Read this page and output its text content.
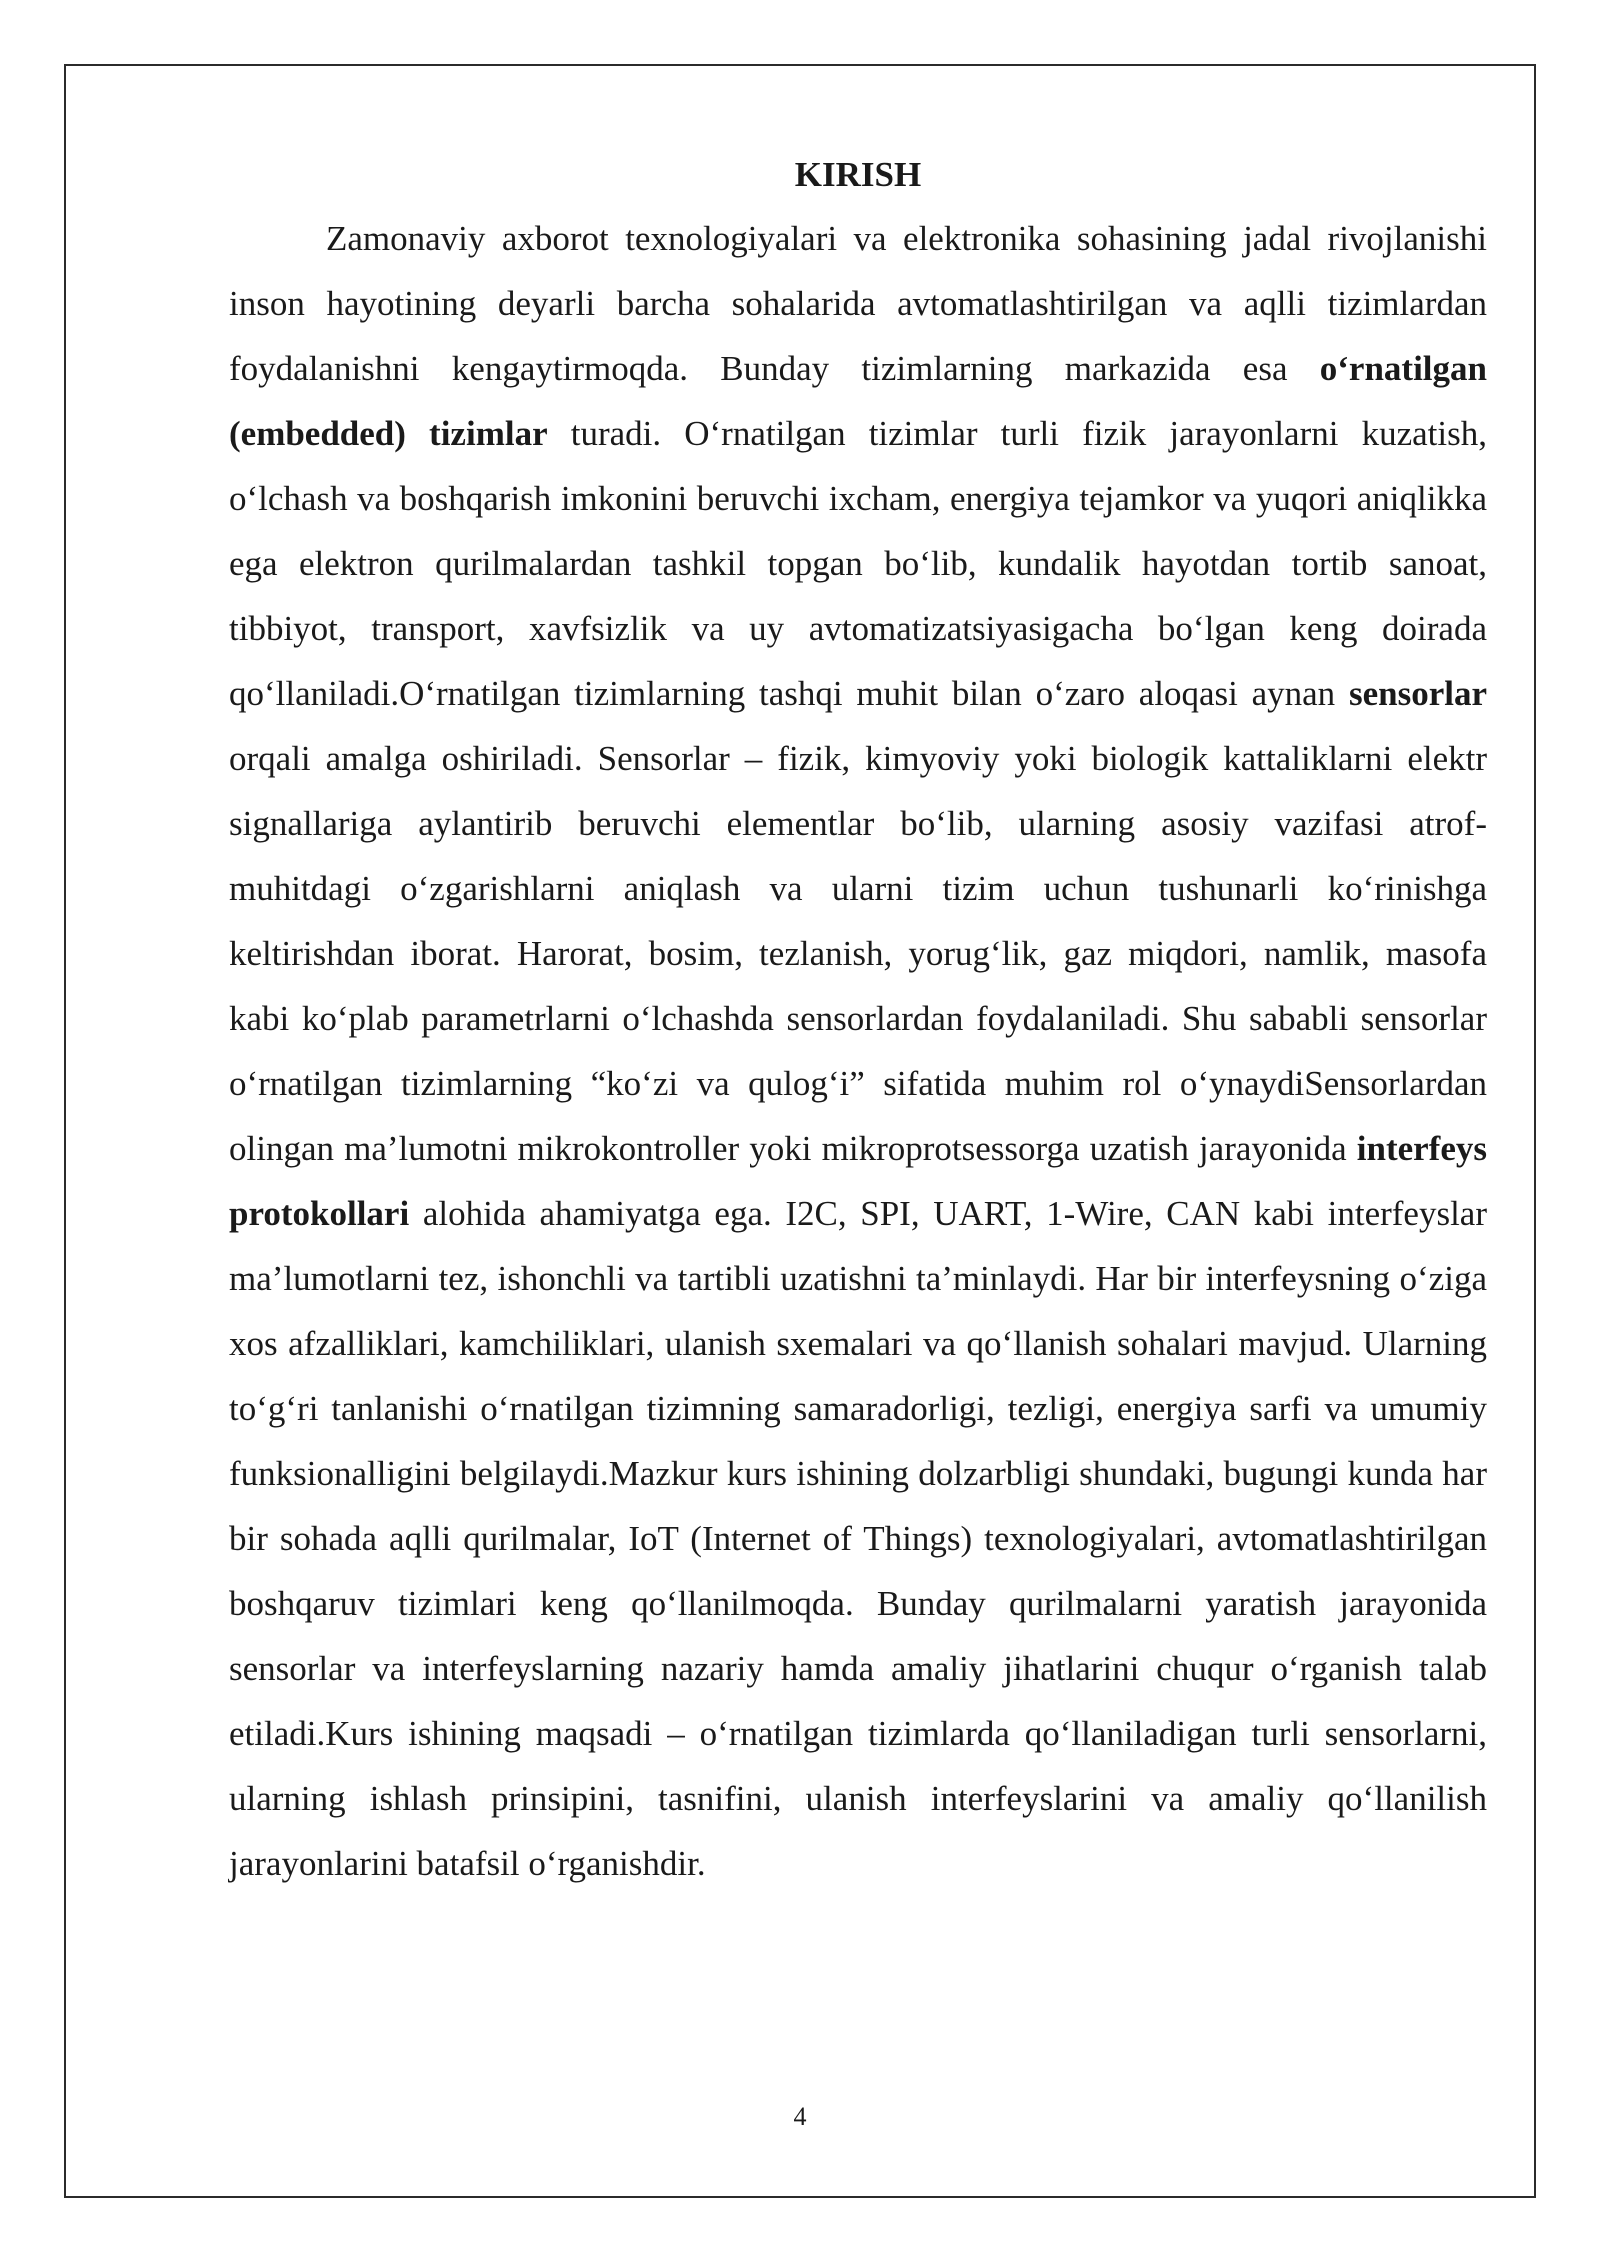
KIRISH

Zamonaviy axborot texnologiyalari va elektronika sohasining jadal rivojlanishi inson hayotining deyarli barcha sohalarida avtomatlashtirilgan va aqlli tizimlardan foydalanishni kengaytirmoqda. Bunday tizimlarning markazida esa o‘rnatilgan (embedded) tizimlar turadi. O‘rnatilgan tizimlar turli fizik jarayonlarni kuzatish, o‘lchash va boshqarish imkonini beruvchi ixcham, energiya tejamkor va yuqori aniqlikka ega elektron qurilmalardan tashkil topgan bo‘lib, kundalik hayotdan tortib sanoat, tibbiyot, transport, xavfsizlik va uy avtomatizatsiyasigacha bo‘lgan keng doirada qo‘llaniladi.O‘rnatilgan tizimlarning tashqi muhit bilan o‘zaro aloqasi aynan sensorlar orqali amalga oshiriladi. Sensorlar – fizik, kimyoviy yoki biologik kattaliklarni elektr signallariga aylantirib beruvchi elementlar bo‘lib, ularning asosiy vazifasi atrof-muhitdagi o‘zgarishlarni aniqlash va ularni tizim uchun tushunarli ko‘rinishga keltirishdan iborat. Harorat, bosim, tezlanish, yorug‘lik, gaz miqdori, namlik, masofa kabi ko‘plab parametrlarni o‘lchashda sensorlardan foydalaniladi. Shu sababli sensorlar o‘rnatilgan tizimlarning “ko‘zi va qulog‘i” sifatida muhim rol o‘ynaydiSensorlardan olingan ma’lumotni mikrokontroller yoki mikroprotsessorga uzatish jarayonida interfeys protokollari alohida ahamiyatga ega. I2C, SPI, UART, 1-Wire, CAN kabi interfeyslar ma’lumotlarni tez, ishonchli va tartibli uzatishni ta’minlaydi. Har bir interfeysning o‘ziga xos afzalliklari, kamchiliklari, ulanish sxemalari va qo‘llanish sohalari mavjud. Ularning to‘g‘ri tanlanishi o‘rnatilgan tizimning samaradorligi, tezligi, energiya sarfi va umumiy funksionalligini belgilaydi.Mazkur kurs ishining dolzarbligi shundaki, bugungi kunda har bir sohada aqlli qurilmalar, IoT (Internet of Things) texnologiyalari, avtomatlashtirilgan boshqaruv tizimlari keng qo‘llanilmoqda. Bunday qurilmalarni yaratish jarayonida sensorlar va interfeyslarning nazariy hamda amaliy jihatlarini chuqur o‘rganish talab etiladi.Kurs ishining maqsadi – o‘rnatilgan tizimlarda qo‘llaniladigan turli sensorlarni, ularning ishlash prinsipini, tasnifini, ulanish interfeyslarini va amaliy qo‘llanilish jarayonlarini batafsil o‘rganishdir.

4
